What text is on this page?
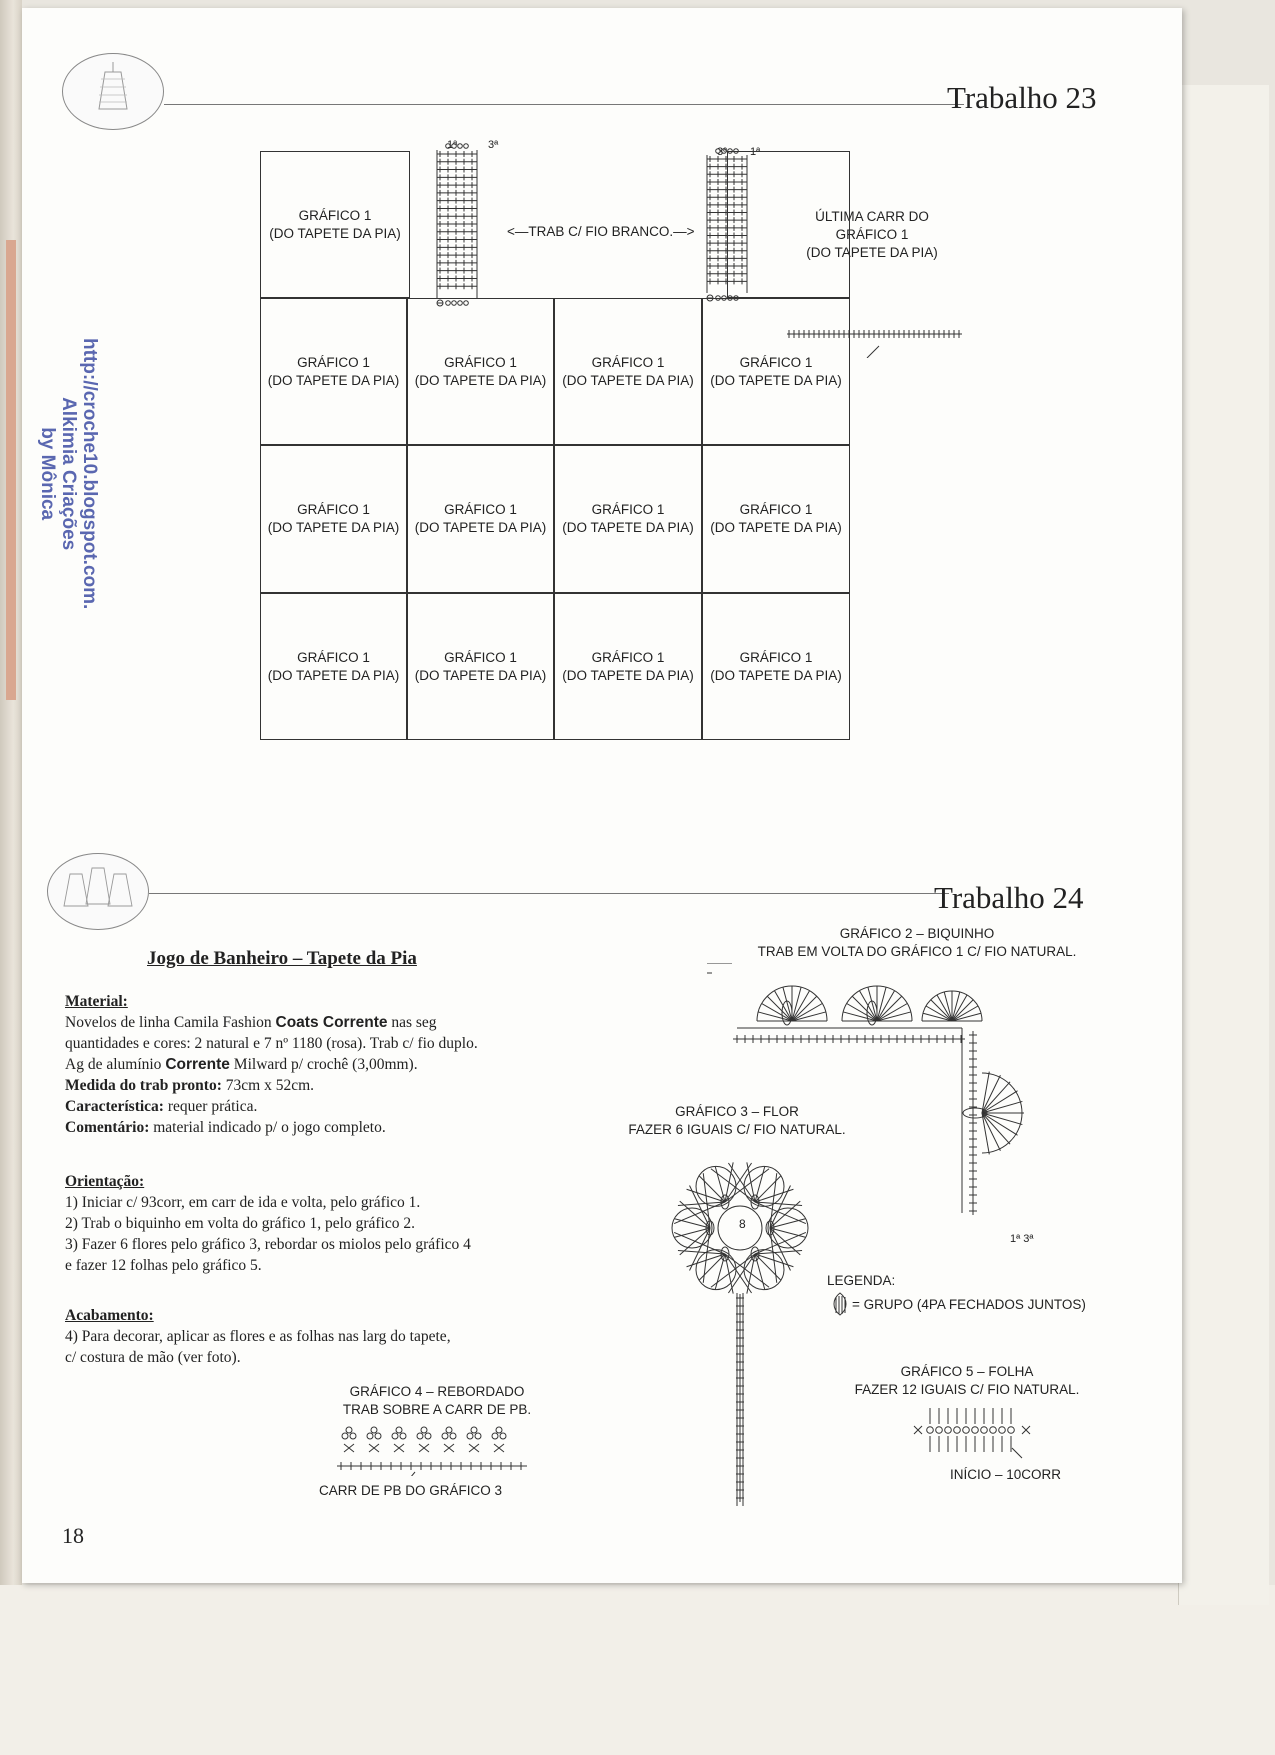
Trabalho 23
1ª	3ª
3ª 1ª
<—TRAB C/ FIO BRANCO.—>
ÚLTIMA CARR DO
GRÁFICO 1
(DO TAPETE DA PIA)
http://croche10.blogspot.com.
Alkimia Criações
by Mônica
Trabalho 24
Jogo de Banheiro – Tapete da Pia
Material:
Novelos de linha Camila Fashion Coats Corrente nas seg
quantidades e cores: 2 natural e 7 nº 1180 (rosa). Trab c/ fio duplo.
Ag de alumínio Corrente Milward p/ crochê (3,00mm).
Medida do trab pronto: 73cm x 52cm.
Característica: requer prática.
Comentário: material indicado p/ o jogo completo.
Orientação:
1) Iniciar c/ 93corr, em carr de ida e volta, pelo gráfico 1.
2) Trab o biquinho em volta do gráfico 1, pelo gráfico 2.
3) Fazer 6 flores pelo gráfico 3, rebordar os miolos pelo gráfico 4
e fazer 12 folhas pelo gráfico 5.
Acabamento:
4) Para decorar, aplicar as flores e as folhas nas larg do tapete,
c/ costura de mão (ver foto).
GRÁFICO 4 – REBORDADO
TRAB SOBRE A CARR DE PB.
CARR DE PB DO GRÁFICO 3
GRÁFICO 2 – BIQUINHO
TRAB EM VOLTA DO GRÁFICO 1 C/ FIO NATURAL.
1ª 3ª
GRÁFICO 3 – FLOR
FAZER 6 IGUAIS C/ FIO NATURAL.
8
LEGENDA:
= GRUPO (4PA FECHADOS JUNTOS)
GRÁFICO 5 – FOLHA
FAZER 12 IGUAIS C/ FIO NATURAL.
INÍCIO – 10CORR
18
GRÁFICO 1
(DO TAPETE DA PIA)
GRÁFICO 1
(DO TAPETE DA PIA)
GRÁFICO 1
(DO TAPETE DA PIA)
GRÁFICO 1
(DO TAPETE DA PIA)
GRÁFICO 1
(DO TAPETE DA PIA)
GRÁFICO 1
(DO TAPETE DA PIA)
GRÁFICO 1
(DO TAPETE DA PIA)
GRÁFICO 1
(DO TAPETE DA PIA)
GRÁFICO 1
(DO TAPETE DA PIA)
GRÁFICO 1
(DO TAPETE DA PIA)
GRÁFICO 1
(DO TAPETE DA PIA)
GRÁFICO 1
(DO TAPETE DA PIA)
GRÁFICO 1
(DO TAPETE DA PIA)
